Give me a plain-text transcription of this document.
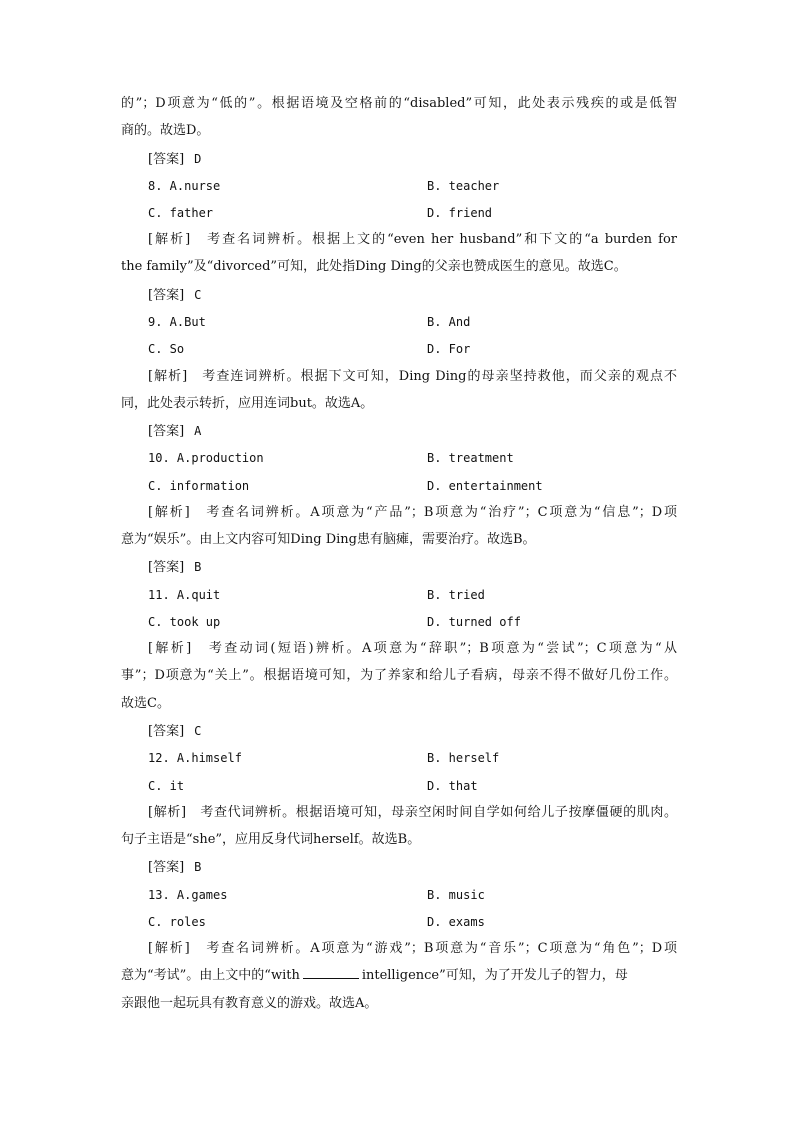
的”；D项意为“低的”。根据语境及空格前的“disabled”可知，此处表示残疾的或是低智
商的。故选D。
[答案] D
8. A.nurse	B. teacher
C. father	D. friend
[解析]　考查名词辨析。根据上文的“even her husband”和下文的“a burden for
the family”及“divorced”可知，此处指Ding Ding的父亲也赞成医生的意见。故选C。
[答案] C
9. A.But	B. And
C. So	D. For
[解析]　考查连词辨析。根据下文可知，Ding Ding的母亲坚持救他，而父亲的观点不
同，此处表示转折，应用连词but。故选A。
[答案] A
10. A.production	B. treatment
C. information	D. entertainment
[解析]　考查名词辨析。A项意为“产品”；B项意为“治疗”；C项意为“信息”；D项
意为“娱乐”。由上文内容可知Ding Ding患有脑瘫，需要治疗。故选B。
[答案] B
11. A.quit	B. tried
C. took up	D. turned off
[解析]　考查动词(短语)辨析。A项意为“辞职”；B项意为“尝试”；C项意为“从
事”；D项意为“关上”。根据语境可知，为了养家和给儿子看病，母亲不得不做好几份工作。
故选C。
[答案] C
12. A.himself	B. herself
C. it	D. that
[解析]　考查代词辨析。根据语境可知，母亲空闲时间自学如何给儿子按摩僵硬的肌肉。
句子主语是“she”，应用反身代词herself。故选B。
[答案] B
13. A.games	B. music
C. roles	D. exams
[解析]　考查名词辨析。A项意为“游戏”；B项意为“音乐”；C项意为“角色”；D项
意为“考试”。由上文中的“with	intelligence”可知，为了开发儿子的智力，母
亲跟他一起玩具有教育意义的游戏。故选A。
